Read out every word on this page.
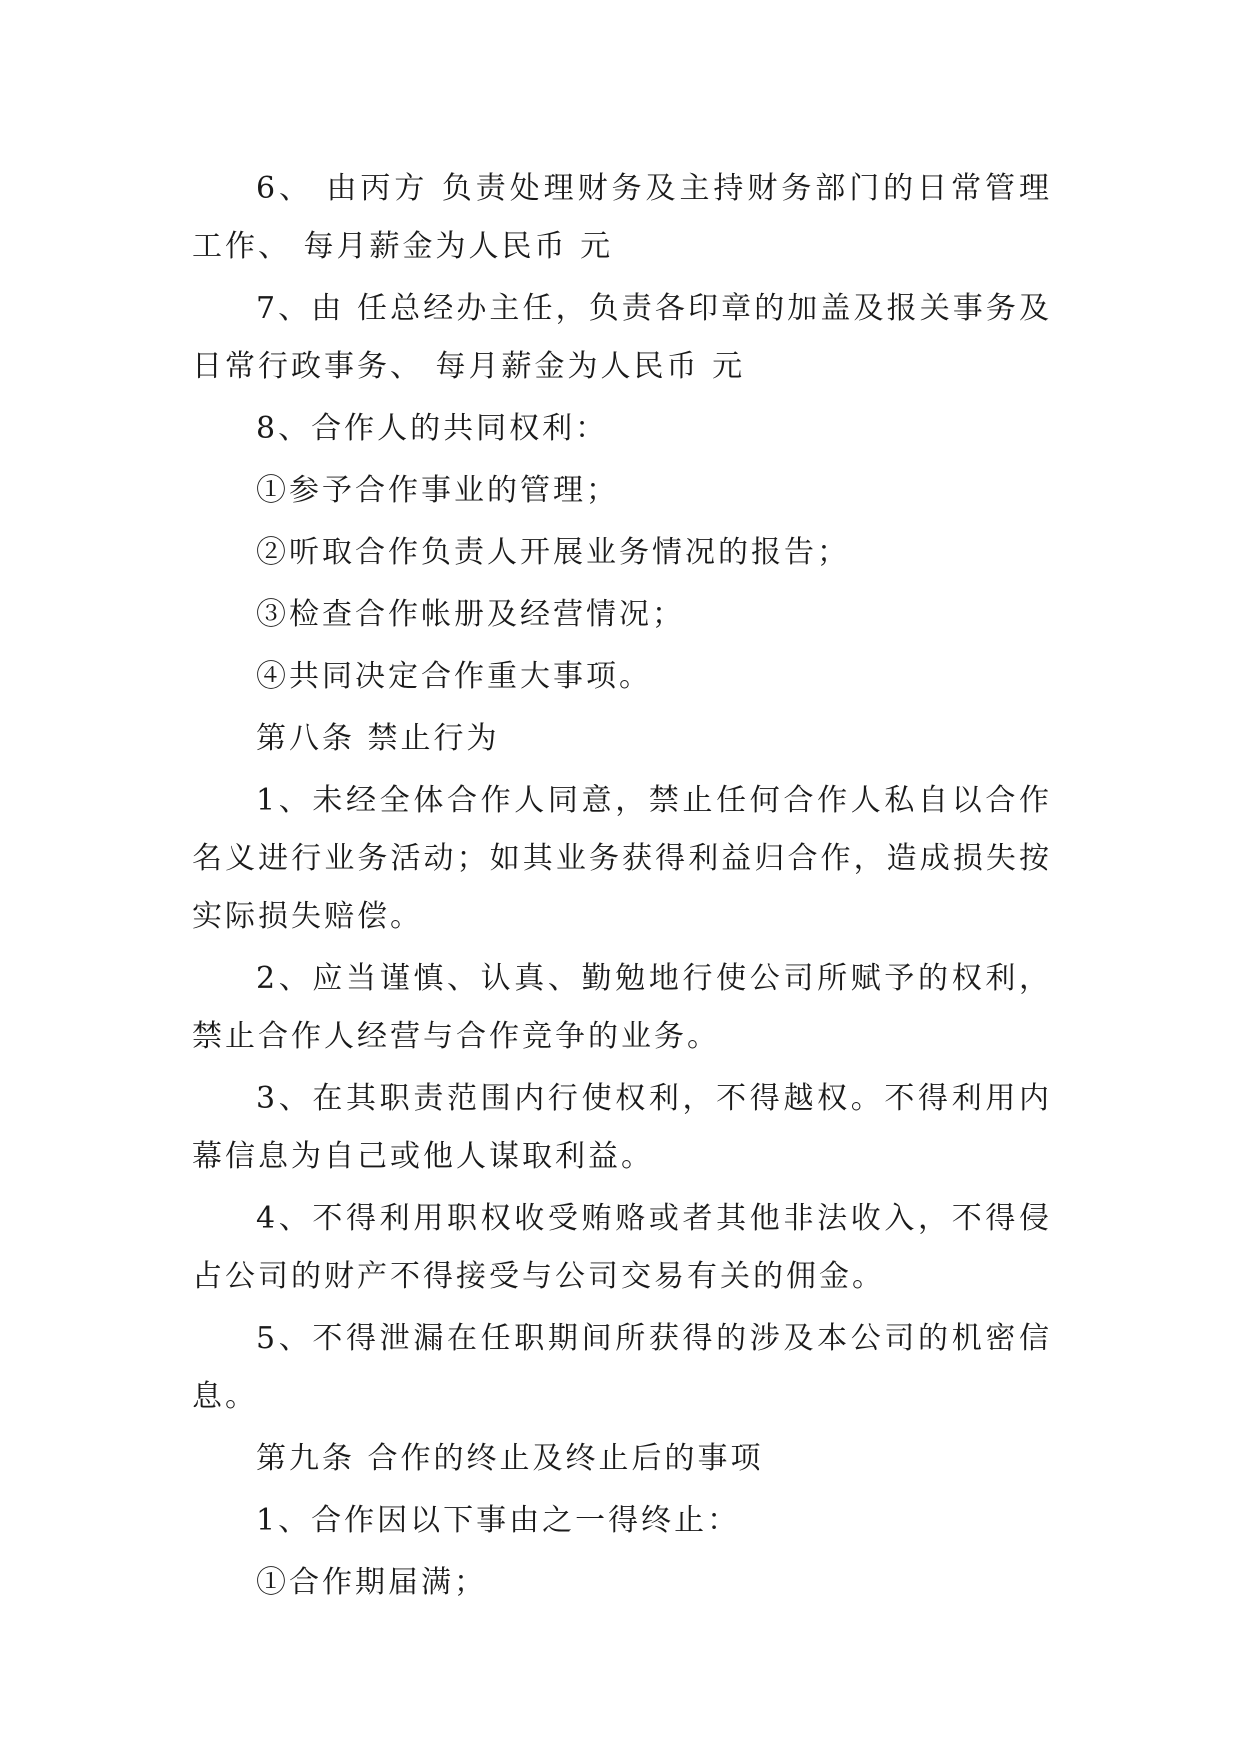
6、 由丙方 负责处理财务及主持财务部门的日常管理工作、 每月薪金为人民币 元

7、由 任总经办主任，负责各印章的加盖及报关事务及日常行政事务、 每月薪金为人民币 元

8、合作人的共同权利：

①参予合作事业的管理；

②听取合作负责人开展业务情况的报告；

③检查合作帐册及经营情况；

④共同决定合作重大事项。

第八条 禁止行为

1、未经全体合作人同意，禁止任何合作人私自以合作名义进行业务活动；如其业务获得利益归合作，造成损失按实际损失赔偿。

2、应当谨慎、认真、勤勉地行使公司所赋予的权利，禁止合作人经营与合作竞争的业务。

3、在其职责范围内行使权利，不得越权。不得利用内幕信息为自己或他人谋取利益。

4、不得利用职权收受贿赂或者其他非法收入，不得侵占公司的财产不得接受与公司交易有关的佣金。

5、不得泄漏在任职期间所获得的涉及本公司的机密信息。

第九条 合作的终止及终止后的事项

1、合作因以下事由之一得终止：

①合作期届满；
